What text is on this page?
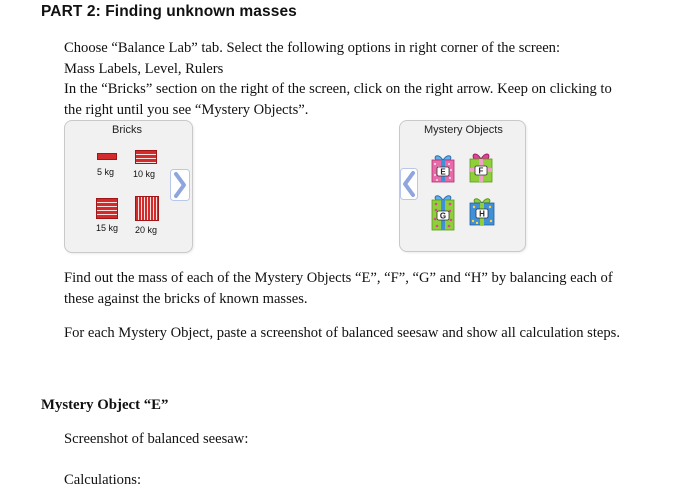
PART 2: Finding unknown masses
Choose “Balance Lab” tab. Select the following options in right corner of the screen:
Mass Labels, Level, Rulers
In the “Bricks” section on the right of the screen, click on the right arrow. Keep on clicking to
the right until you see “Mystery Objects”.
Bricks
5 kg 10 kg
15 kg 20 kg
Mystery Objects
E	F
G	H
Find out the mass of each of the Mystery Objects “E”, “F”, “G” and “H” by balancing each of
these against the bricks of known masses.
For each Mystery Object, paste a screenshot of balanced seesaw and show all calculation steps.
Mystery Object “E”
Screenshot of balanced seesaw:
Calculations:
